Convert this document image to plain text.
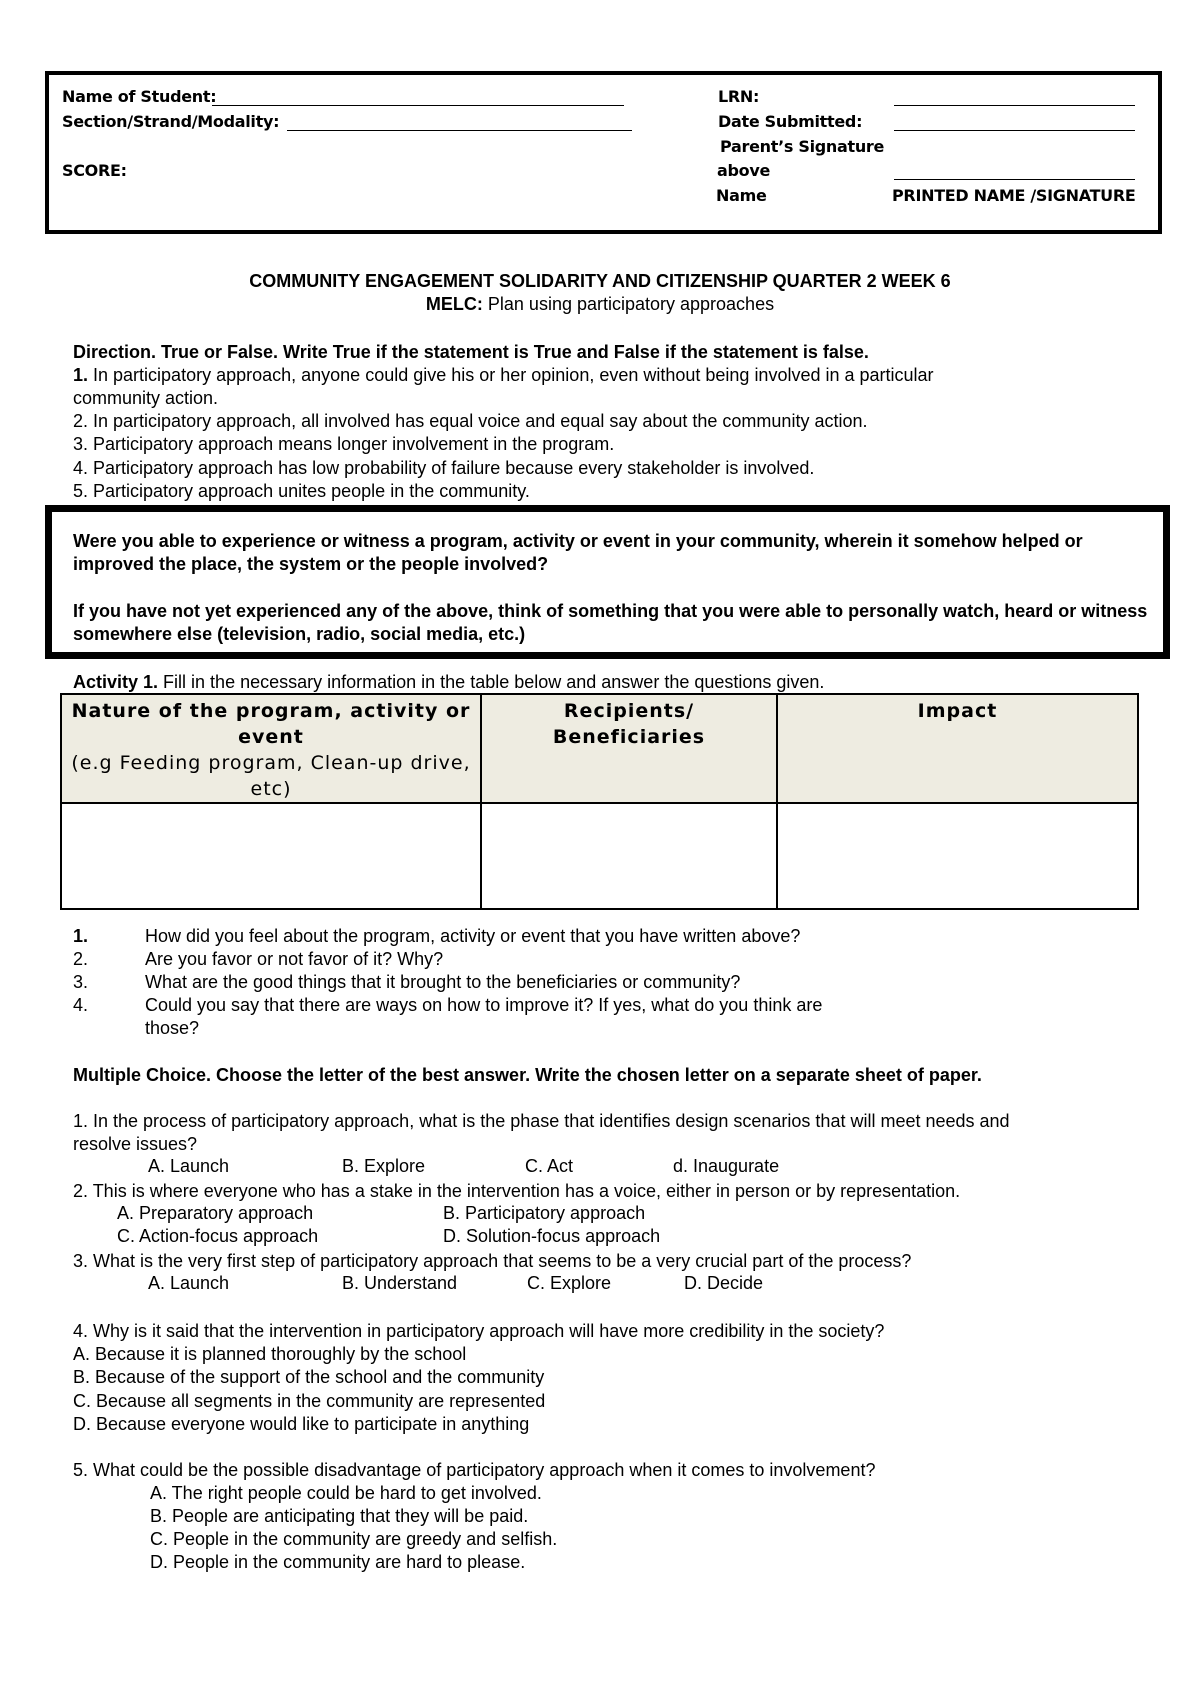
Name of Student:
Section/Strand/Modality:
SCORE:
LRN:
Date Submitted:
Parent’s Signature
above
Name	PRINTED NAME /SIGNATURE
COMMUNITY ENGAGEMENT SOLIDARITY AND CITIZENSHIP QUARTER 2 WEEK 6
MELC: Plan using participatory approaches
Direction. True or False. Write True if the statement is True and False if the statement is false.
1. In participatory approach, anyone could give his or her opinion, even without being involved in a particular
community action.
2. In participatory approach, all involved has equal voice and equal say about the community action.
3. Participatory approach means longer involvement in the program.
4. Participatory approach has low probability of failure because every stakeholder is involved.
5. Participatory approach unites people in the community.

Were you able to experience or witness a program, activity or event in your community, wherein it somehow helped or improved the place, the system or the people involved?

If you have not yet experienced any of the above, think of something that you were able to personally watch, heard or witness somewhere else (television, radio, social media, etc.)

Activity 1. Fill in the necessary information in the table below and answer the questions given.
Nature of the program, activity or event
(e.g Feeding program, Clean-up drive, etc)	Recipients/ Beneficiaries	Impact

1.	How did you feel about the program, activity or event that you have written above?
2.	Are you favor or not favor of it? Why?
3.	What are the good things that it brought to the beneficiaries or community?
4.	Could you say that there are ways on how to improve it? If yes, what do you think are
those?
Multiple Choice. Choose the letter of the best answer. Write the chosen letter on a separate sheet of paper.
1. In the process of participatory approach, what is the phase that identifies design scenarios that will meet needs and
resolve issues?
A. Launch	B. Explore	C. Act	d. Inaugurate
2. This is where everyone who has a stake in the intervention has a voice, either in person or by representation.
A. Preparatory approach	B. Participatory approach
C. Action-focus approach	D. Solution-focus approach
3. What is the very first step of participatory approach that seems to be a very crucial part of the process?
A. Launch	B. Understand	C. Explore	D. Decide
4. Why is it said that the intervention in participatory approach will have more credibility in the society?
A. Because it is planned thoroughly by the school
B. Because of the support of the school and the community
C. Because all segments in the community are represented
D. Because everyone would like to participate in anything
5. What could be the possible disadvantage of participatory approach when it comes to involvement?
A. The right people could be hard to get involved.
B. People are anticipating that they will be paid.
C. People in the community are greedy and selfish.
D. People in the community are hard to please.
